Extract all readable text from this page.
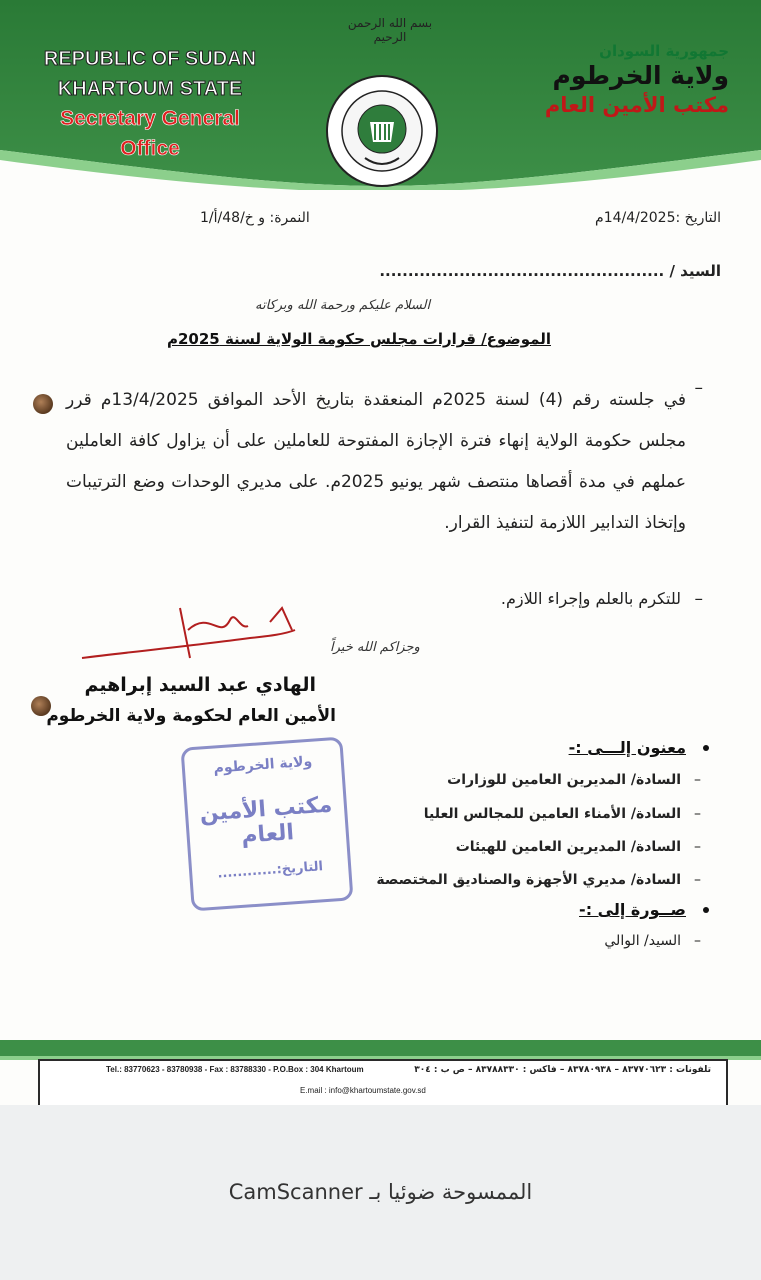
بسم الله الرحمن الرحيم
REPUBLIC OF SUDAN
KHARTOUM STATE
Secretary General Office
جمهورية السودان
ولاية الخرطوم
مكتب الأمين العام
التاريخ :14/4/2025م
النمرة: و خ/48/أ/1
السيد / ..................................................
السلام عليكم ورحمة الله وبركاته
الموضوع/ قرارات مجلس حكومة الولاية لسنة 2025م
–
في جلسته رقم (4) لسنة 2025م المنعقدة بتاريخ الأحد الموافق 13/4/2025م قرر مجلس حكومة الولاية إنهاء فترة الإجازة المفتوحة للعاملين على أن يزاول كافة العاملين عملهم في مدة أقصاها منتصف شهر يونيو 2025م. على مديري الوحدات وضع الترتيبات وإتخاذ التدابير اللازمة لتنفيذ القرار.
–
للتكرم بالعلم وإجراء اللازم.
وجزاكم الله خيراً
الهادي عبد السيد إبراهيم
الأمين العام لحكومة ولاية الخرطوم
معنون إلـــى :-
–
السادة/ المديرين العامين للوزارات
–
السادة/ الأمناء العامين للمجالس العليا
–
السادة/ المديرين العامين للهيئات
–
السادة/ مديري الأجهزة والصناديق المختصصة
صــورة إلى :-
–
السيد/ الوالي
ولاية الخرطوم
مكتب الأمين العام
التاريخ:............
Tel.: 83770623 - 83780938 - Fax : 83788330 - P.O.Box : 304 Khartoum	تلفونات : ٨٣٧٧٠٦٢٣ – ٨٣٧٨٠٩٣٨ – فاكس : ٨٣٧٨٨٣٣٠ – ص ب : ٣٠٤
E.mail : info@khartoumstate.gov.sd
الممسوحة ضوئيا بـ CamScanner
